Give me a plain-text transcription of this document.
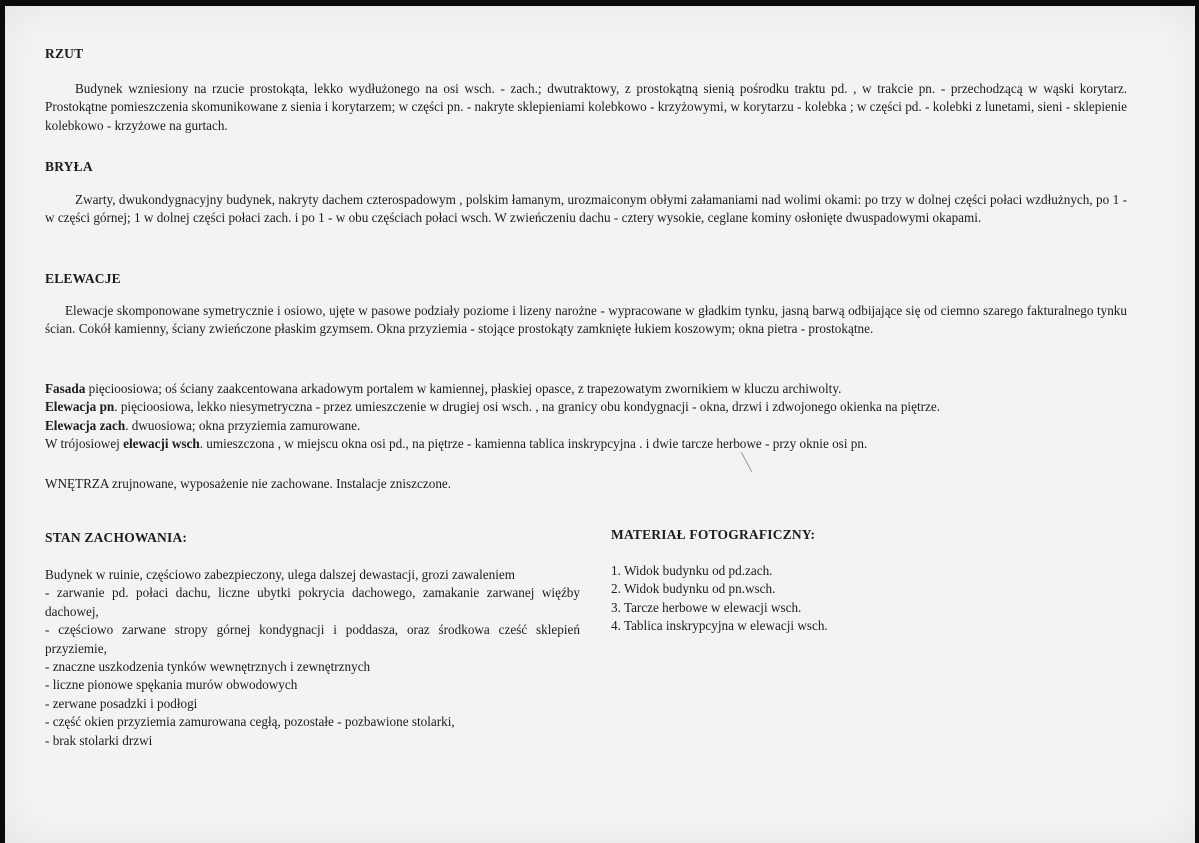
RZUT
Budynek wzniesiony na rzucie prostokąta, lekko wydłużonego na osi wsch. - zach.; dwutraktowy, z prostokątną sienią pośrodku traktu pd. , w trakcie pn. - przechodzącą w wąski korytarz. Prostokątne pomieszczenia skomunikowane z sienia i korytarzem; w części pn. - nakryte sklepieniami kolebkowo - krzyżowymi, w korytarzu - kolebka ; w części pd. - kolebki z lunetami, sieni - sklepienie kolebkowo - krzyżowe na gurtach.
BRYŁA
Zwarty, dwukondygnacyjny budynek, nakryty dachem czterospadowym , polskim łamanym, urozmaiconym obłymi załamaniami nad wolimi okami: po trzy w dolnej części połaci wzdłużnych, po 1 - w części górnej; 1 w dolnej części połaci zach. i po 1 - w obu częściach połaci wsch. W zwieńczeniu dachu - cztery wysokie, ceglane kominy osłonięte dwuspadowymi okapami.
ELEWACJE
Elewacje skomponowane symetrycznie i osiowo, ujęte w pasowe podziały poziome i lizeny narożne - wypracowane w gładkim tynku, jasną barwą odbijające się od ciemno szarego fakturalnego tynku ścian. Cokół kamienny, ściany zwieńczone płaskim gzymsem. Okna przyziemia - stojące prostokąty zamknięte łukiem koszowym; okna pietra - prostokątne.
Fasada pięcioosiowa; oś ściany zaakcentowana arkadowym portalem w kamiennej, płaskiej opasce, z trapezowatym zwornikiem w kluczu archiwolty.
Elewacja pn. pięcioosiowa, lekko niesymetryczna - przez umieszczenie w drugiej osi wsch. , na granicy obu kondygnacji - okna, drzwi i zdwojonego okienka na piętrze.
Elewacja zach. dwuosiowa; okna przyziemia zamurowane.
W trójosiowej elewacji wsch. umieszczona , w miejscu okna osi pd., na piętrze - kamienna tablica inskrypcyjna . i dwie tarcze herbowe - przy oknie osi pn.
WNĘTRZA zrujnowane, wyposażenie nie zachowane. Instalacje zniszczone.
STAN ZACHOWANIA:
Budynek w ruinie, częściowo zabezpieczony, ulega dalszej dewastacji, grozi zawaleniem
- zarwanie pd. połaci dachu, liczne ubytki pokrycia dachowego, zamakanie zarwanej więźby dachowej,
- częściowo zarwane stropy górnej kondygnacji i poddasza, oraz środkowa cześć sklepień przyziemie,
- znaczne uszkodzenia tynków wewnętrznych i zewnętrznych
- liczne pionowe spękania murów obwodowych
- zerwane posadzki i podłogi
- część okien przyziemia zamurowana cegłą, pozostałe - pozbawione stolarki,
- brak stolarki drzwi
MATERIAŁ FOTOGRAFICZNY:
1. Widok budynku od pd.zach.
2. Widok budynku od pn.wsch.
3. Tarcze herbowe w elewacji wsch.
4. Tablica inskrypcyjna w elewacji wsch.
